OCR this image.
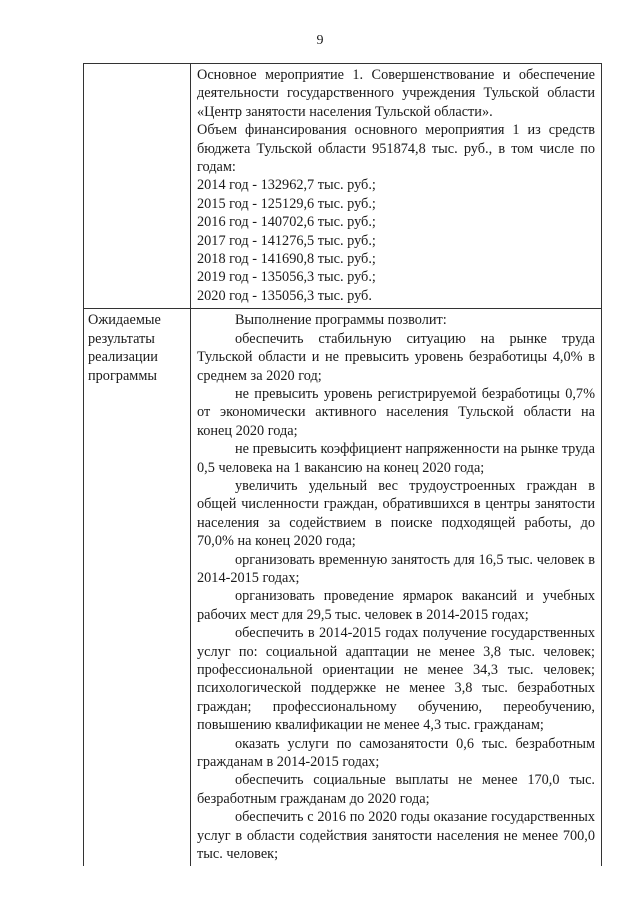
9

Основное мероприятие 1. Совершенствование и обеспечение деятельности государственного учреждения Тульской области «Центр занятости населения Тульской области».

Объем финансирования основного мероприятия 1 из средств бюджета Тульской области 951874,8 тыс. руб., в том числе по годам:

2014 год - 132962,7 тыс. руб.;

2015 год - 125129,6 тыс. руб.;

2016 год - 140702,6 тыс. руб.;

2017 год - 141276,5 тыс. руб.;

2018 год - 141690,8 тыс. руб.;

2019 год - 135056,3 тыс. руб.;

2020 год - 135056,3 тыс. руб.

Ожидаемые результаты реализации программы

Выполнение программы позволит:

обеспечить стабильную ситуацию на рынке труда Тульской области и не превысить уровень безработицы 4,0% в среднем за 2020 год;

не превысить уровень регистрируемой безработицы 0,7% от экономически активного населения Тульской области на конец 2020 года;

не превысить коэффициент напряженности на рынке труда 0,5 человека на 1 вакансию на конец 2020 года;

увеличить удельный вес трудоустроенных граждан в общей численности граждан, обратившихся в центры занятости населения за содействием в поиске подходящей работы, до 70,0% на конец 2020 года;

организовать временную занятость для 16,5 тыс. человек в 2014-2015 годах;

организовать проведение ярмарок вакансий и учебных рабочих мест для 29,5 тыс. человек в 2014-2015 годах;

обеспечить в 2014-2015 годах получение государственных услуг по: социальной адаптации не менее 3,8 тыс. человек; профессиональной ориентации не менее 34,3 тыс. человек; психологической поддержке не менее 3,8 тыс. безработных граждан; профессиональному обучению, переобучению, повышению квалификации не менее 4,3 тыс. гражданам;

оказать услуги по самозанятости 0,6 тыс. безработным гражданам в 2014-2015 годах;

обеспечить социальные выплаты не менее 170,0 тыс. безработным гражданам до 2020 года;

обеспечить с 2016 по 2020 годы оказание государственных услуг в области содействия занятости населения не менее 700,0 тыс. человек;
